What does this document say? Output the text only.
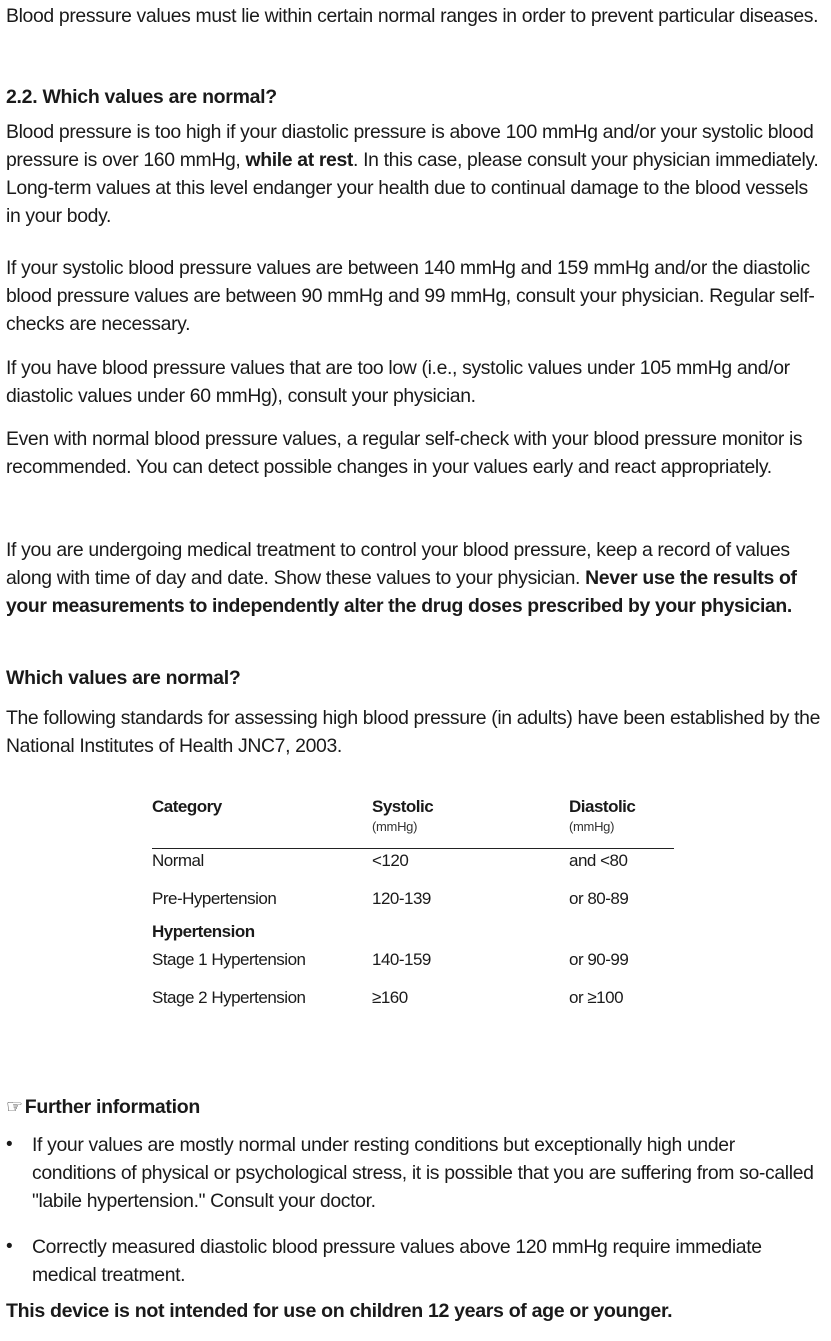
Blood pressure values must lie within certain normal ranges in order to prevent particular diseases.

2.2. Which values are normal?

Blood pressure is too high if your diastolic pressure is above 100 mmHg and/or your systolic blood pressure is over 160 mmHg, while at rest. In this case, please consult your physician immediately. Long-term values at this level endanger your health due to continual damage to the blood vessels in your body.

If your systolic blood pressure values are between 140 mmHg and 159 mmHg and/or the diastolic blood pressure values are between 90 mmHg and 99 mmHg, consult your physician. Regular self-checks are necessary.

If you have blood pressure values that are too low (i.e., systolic values under 105 mmHg and/or diastolic values under 60 mmHg), consult your physician.

Even with normal blood pressure values, a regular self-check with your blood pressure monitor is recommended. You can detect possible changes in your values early and react appropriately.

If you are undergoing medical treatment to control your blood pressure, keep a record of values along with time of day and date. Show these values to your physician. Never use the results of your measurements to independently alter the drug doses prescribed by your physician.

Which values are normal?

The following standards for assessing high blood pressure (in adults) have been established by the National Institutes of Health JNC7, 2003.

Category	Systolic	Diastolic
(mmHg)	(mmHg)
Normal	<120	and <80
Pre-Hypertension	120-139	or 80-89
Hypertension
Stage 1 Hypertension	140-159	or 90-99
Stage 2 Hypertension	≥160	or ≥100

☞ Further information

• If your values are mostly normal under resting conditions but exceptionally high under conditions of physical or psychological stress, it is possible that you are suffering from so-called "labile hypertension." Consult your doctor.

• Correctly measured diastolic blood pressure values above 120 mmHg require immediate medical treatment.

This device is not intended for use on children 12 years of age or younger.
